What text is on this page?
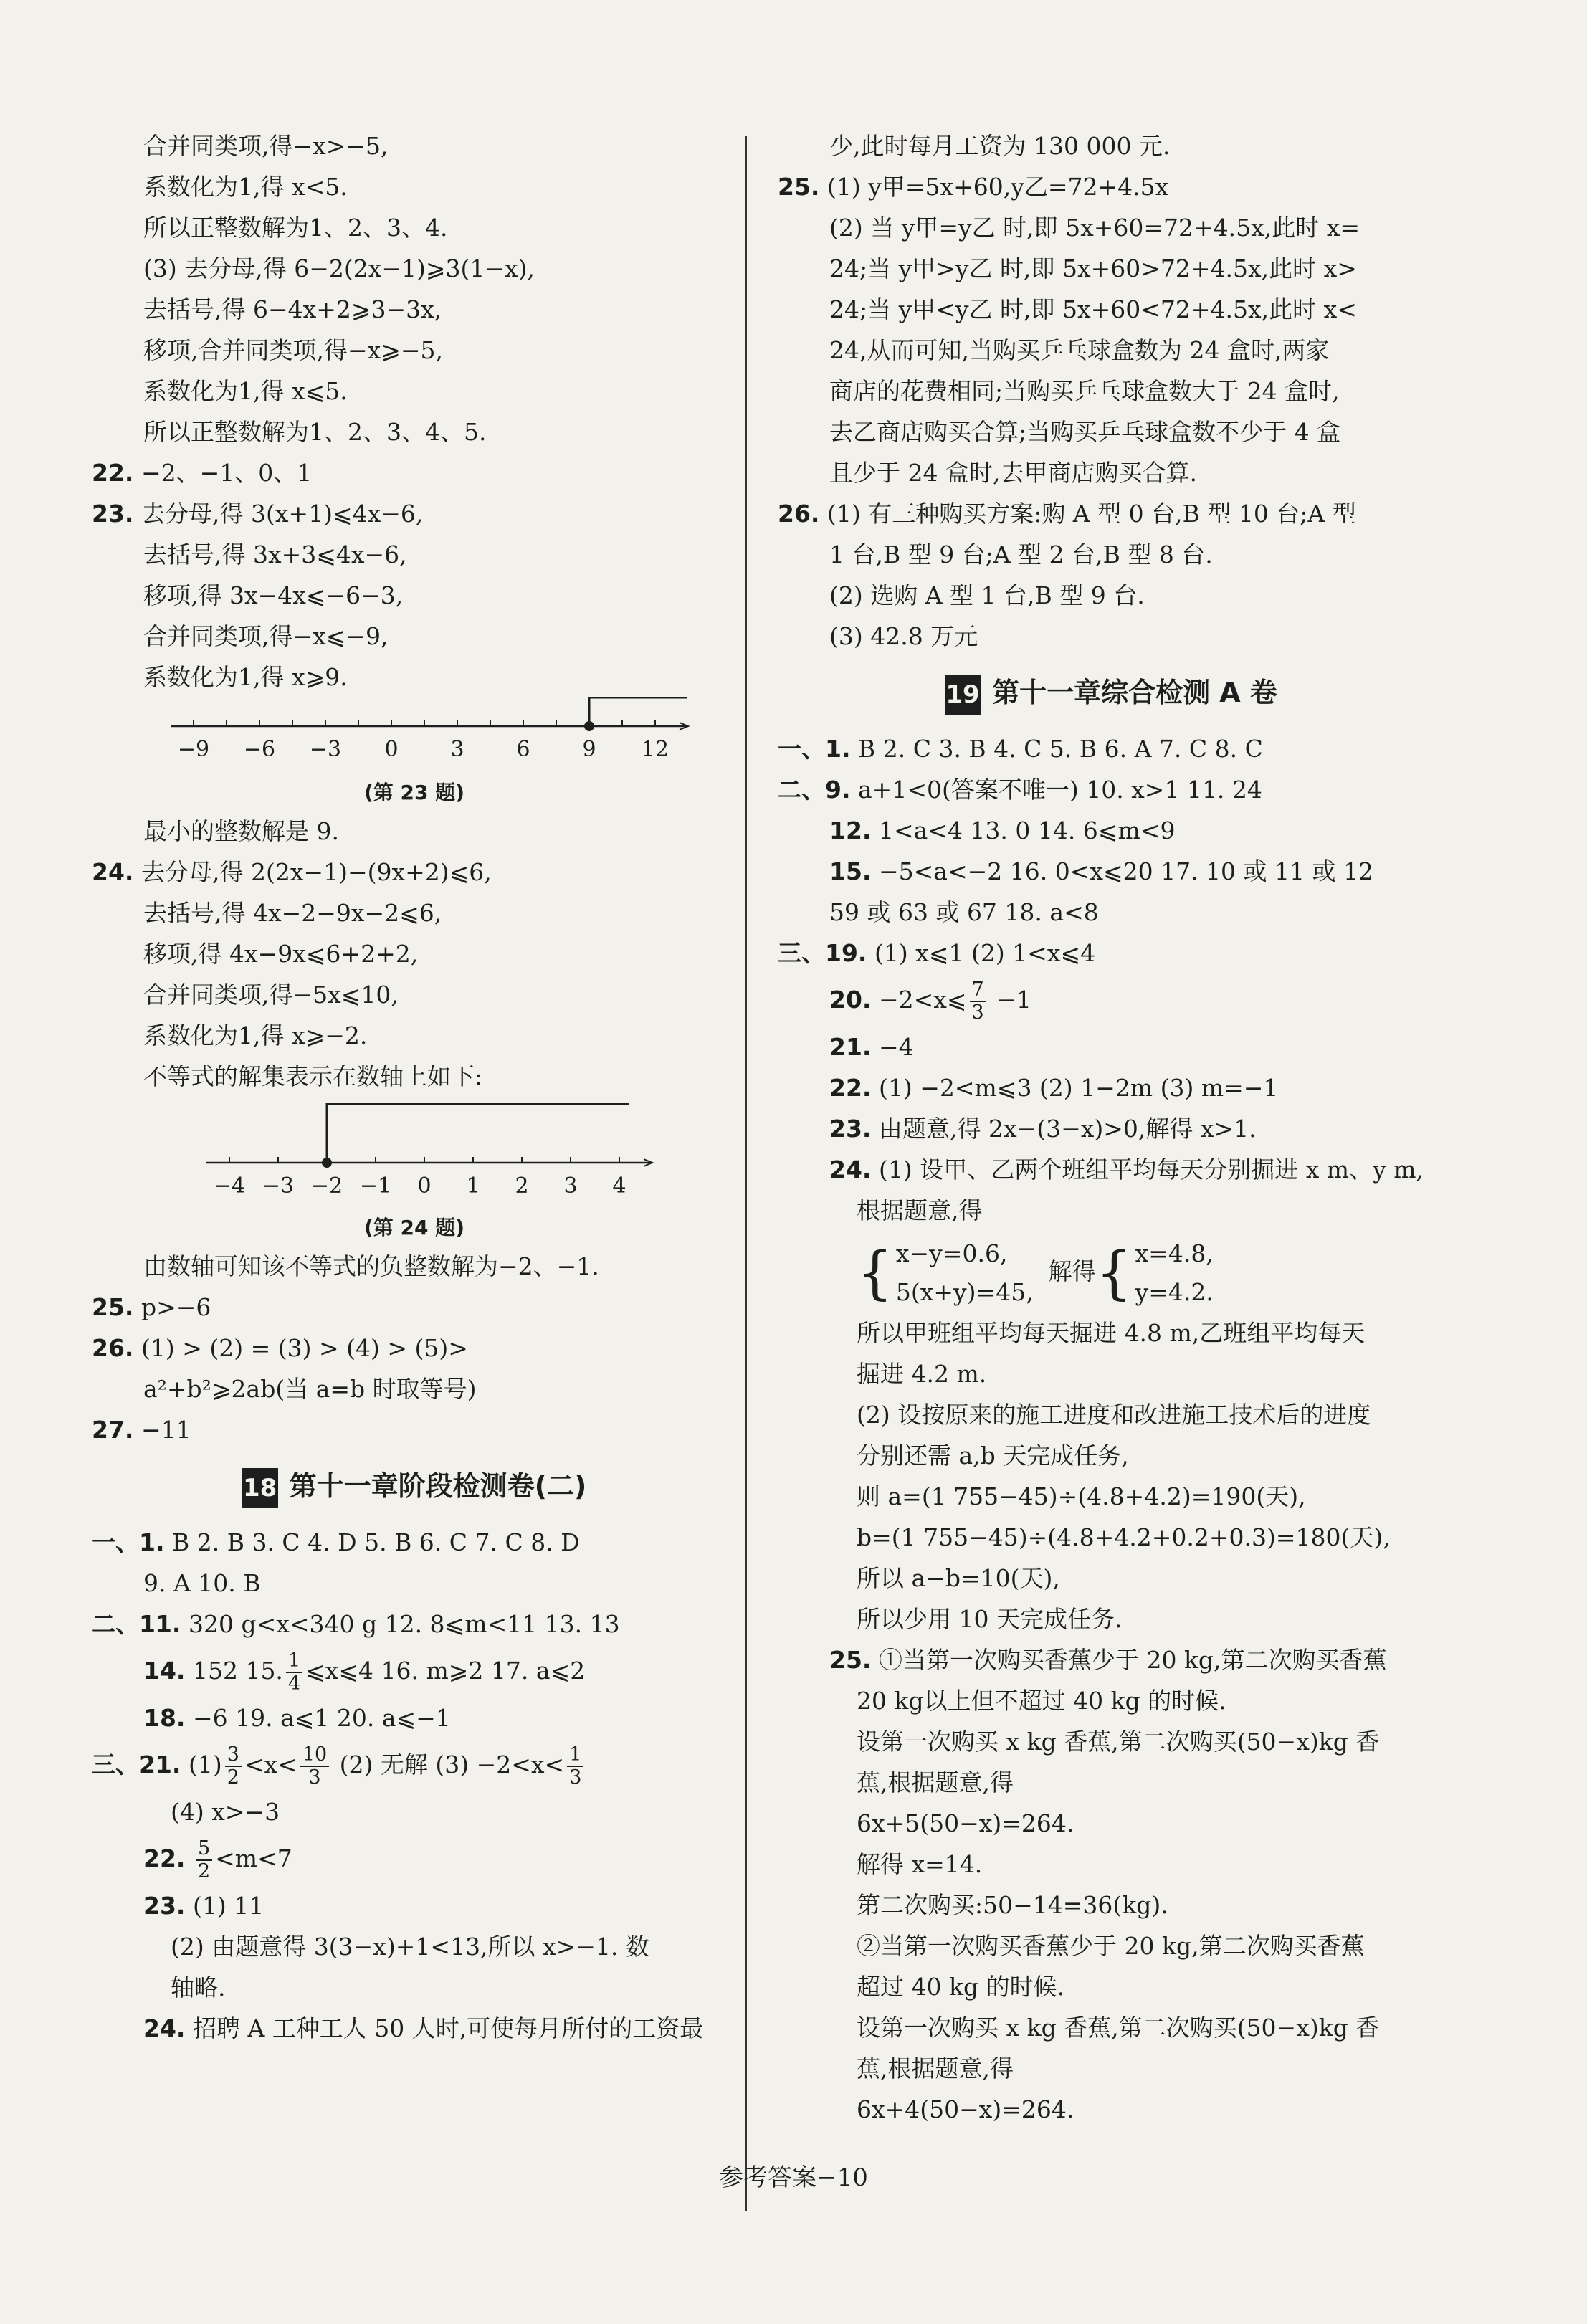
合并同类项,得−x>−5,
系数化为1,得 x<5.
所以正整数解为1、2、3、4.
(3) 去分母,得 6−2(2x−1)⩾3(1−x),
去括号,得 6−4x+2⩾3−3x,
移项,合并同类项,得−x⩾−5,
系数化为1,得 x⩽5.
所以正整数解为1、2、3、4、5.
22. −2、−1、0、1
23. 去分母,得 3(x+1)⩽4x−6,
去括号,得 3x+3⩽4x−6,
移项,得 3x−4x⩽−6−3,
合并同类项,得−x⩽−9,
系数化为1,得 x⩾9.
−9 −6 −3 0 3 6 9 12
(第 23 题)
最小的整数解是 9.
24. 去分母,得 2(2x−1)−(9x+2)⩽6,
去括号,得 4x−2−9x−2⩽6,
移项,得 4x−9x⩽6+2+2,
合并同类项,得−5x⩽10,
系数化为1,得 x⩾−2.
不等式的解集表示在数轴上如下:
−4 −3 −2 −1 0 1 2 3 4
(第 24 题)
由数轴可知该不等式的负整数解为−2、−1.
25. p>−6
26. (1) > (2) = (3) > (4) > (5)>
a²+b²⩾2ab(当 a=b 时取等号)
27. −11
18 第十一章阶段检测卷(二)
一、1. B 2. B 3. C 4. D 5. B 6. C 7. C 8. D
9. A 10. B
二、11. 320 g<x<340 g 12. 8⩽m<11 13. 13
14. 152 15. $\frac{1}{4}$ ⩽x⩽4 16. m⩾2 17. a⩽2
18. −6 19. a⩽1 20. a⩽−1
三、21. $(1) \frac{3}{2} <x< \frac{10}{3} (2)$ 无解 $(3) -2<x< \frac{1}{3}$
(4) x>−3
22. $\frac{5}{2} <m<7$
23. (1) 11
(2) 由题意得 3(3−x)+1<13,所以 x>−1. 数
轴略.
24. 招聘 A 工种工人 50 人时,可使每月所付的工资最
少,此时每月工资为 130 000 元.
25. (1) y甲=5x+60,y乙=72+4.5x
(2) 当 y甲=y乙 时,即 5x+60=72+4.5x,此时 x=
24;当 y甲>y乙 时,即 5x+60>72+4.5x,此时 x>
24;当 y甲<y乙 时,即 5x+60<72+4.5x,此时 x<
24,从而可知,当购买乒乓球盒数为 24 盒时,两家
商店的花费相同;当购买乒乓球盒数大于 24 盒时,
去乙商店购买合算;当购买乒乓球盒数不少于 4 盒
且少于 24 盒时,去甲商店购买合算.
26. (1) 有三种购买方案:购 A 型 0 台,B 型 10 台;A 型
1 台,B 型 9 台;A 型 2 台,B 型 8 台.
(2) 选购 A 型 1 台,B 型 9 台.
(3) 42.8 万元
19 第十一章综合检测 A 卷
一、1. B 2. C 3. B 4. C 5. B 6. A 7. C 8. C
二、9. a+1<0(答案不唯一) 10. x>1 11. 24
12. 1<a<4 13. 0 14. 6⩽m<9
15. −5<a<−2 16. 0<x⩽20 17. 10 或 11 或 12
59 或 63 或 67 18. a<8
三、19. (1) x⩽1 (2) 1<x⩽4
20. −2<x⩽ $\frac{7}{3} -1$
21. −4
22. (1) −2<m⩽3 (2) 1−2m (3) m=−1
23. 由题意,得 2x−(3−x)>0,解得 x>1.
24. (1) 设甲、乙两个班组平均每天分别掘进 x m、y m,
根据题意,得
{ x−y=0.6,
5(x+y)=45,
解得{ x=4.8,
y=4.2.
所以甲班组平均每天掘进 4.8 m,乙班组平均每天
掘进 4.2 m.
(2) 设按原来的施工进度和改进施工技术后的进度
分别还需 a,b 天完成任务,
则 a=(1 755−45)÷(4.8+4.2)=190(天),
b=(1 755−45)÷(4.8+4.2+0.2+0.3)=180(天),
所以 a−b=10(天),
所以少用 10 天完成任务.
25. ①当第一次购买香蕉少于 20 kg,第二次购买香蕉
20 kg以上但不超过 40 kg 的时候.
设第一次购买 x kg 香蕉,第二次购买(50−x)kg 香
蕉,根据题意,得
6x+5(50−x)=264.
解得 x=14.
第二次购买:50−14=36(kg).
②当第一次购买香蕉少于 20 kg,第二次购买香蕉
超过 40 kg 的时候.
设第一次购买 x kg 香蕉,第二次购买(50−x)kg 香
蕉,根据题意,得
6x+4(50−x)=264.
参考答案−10
